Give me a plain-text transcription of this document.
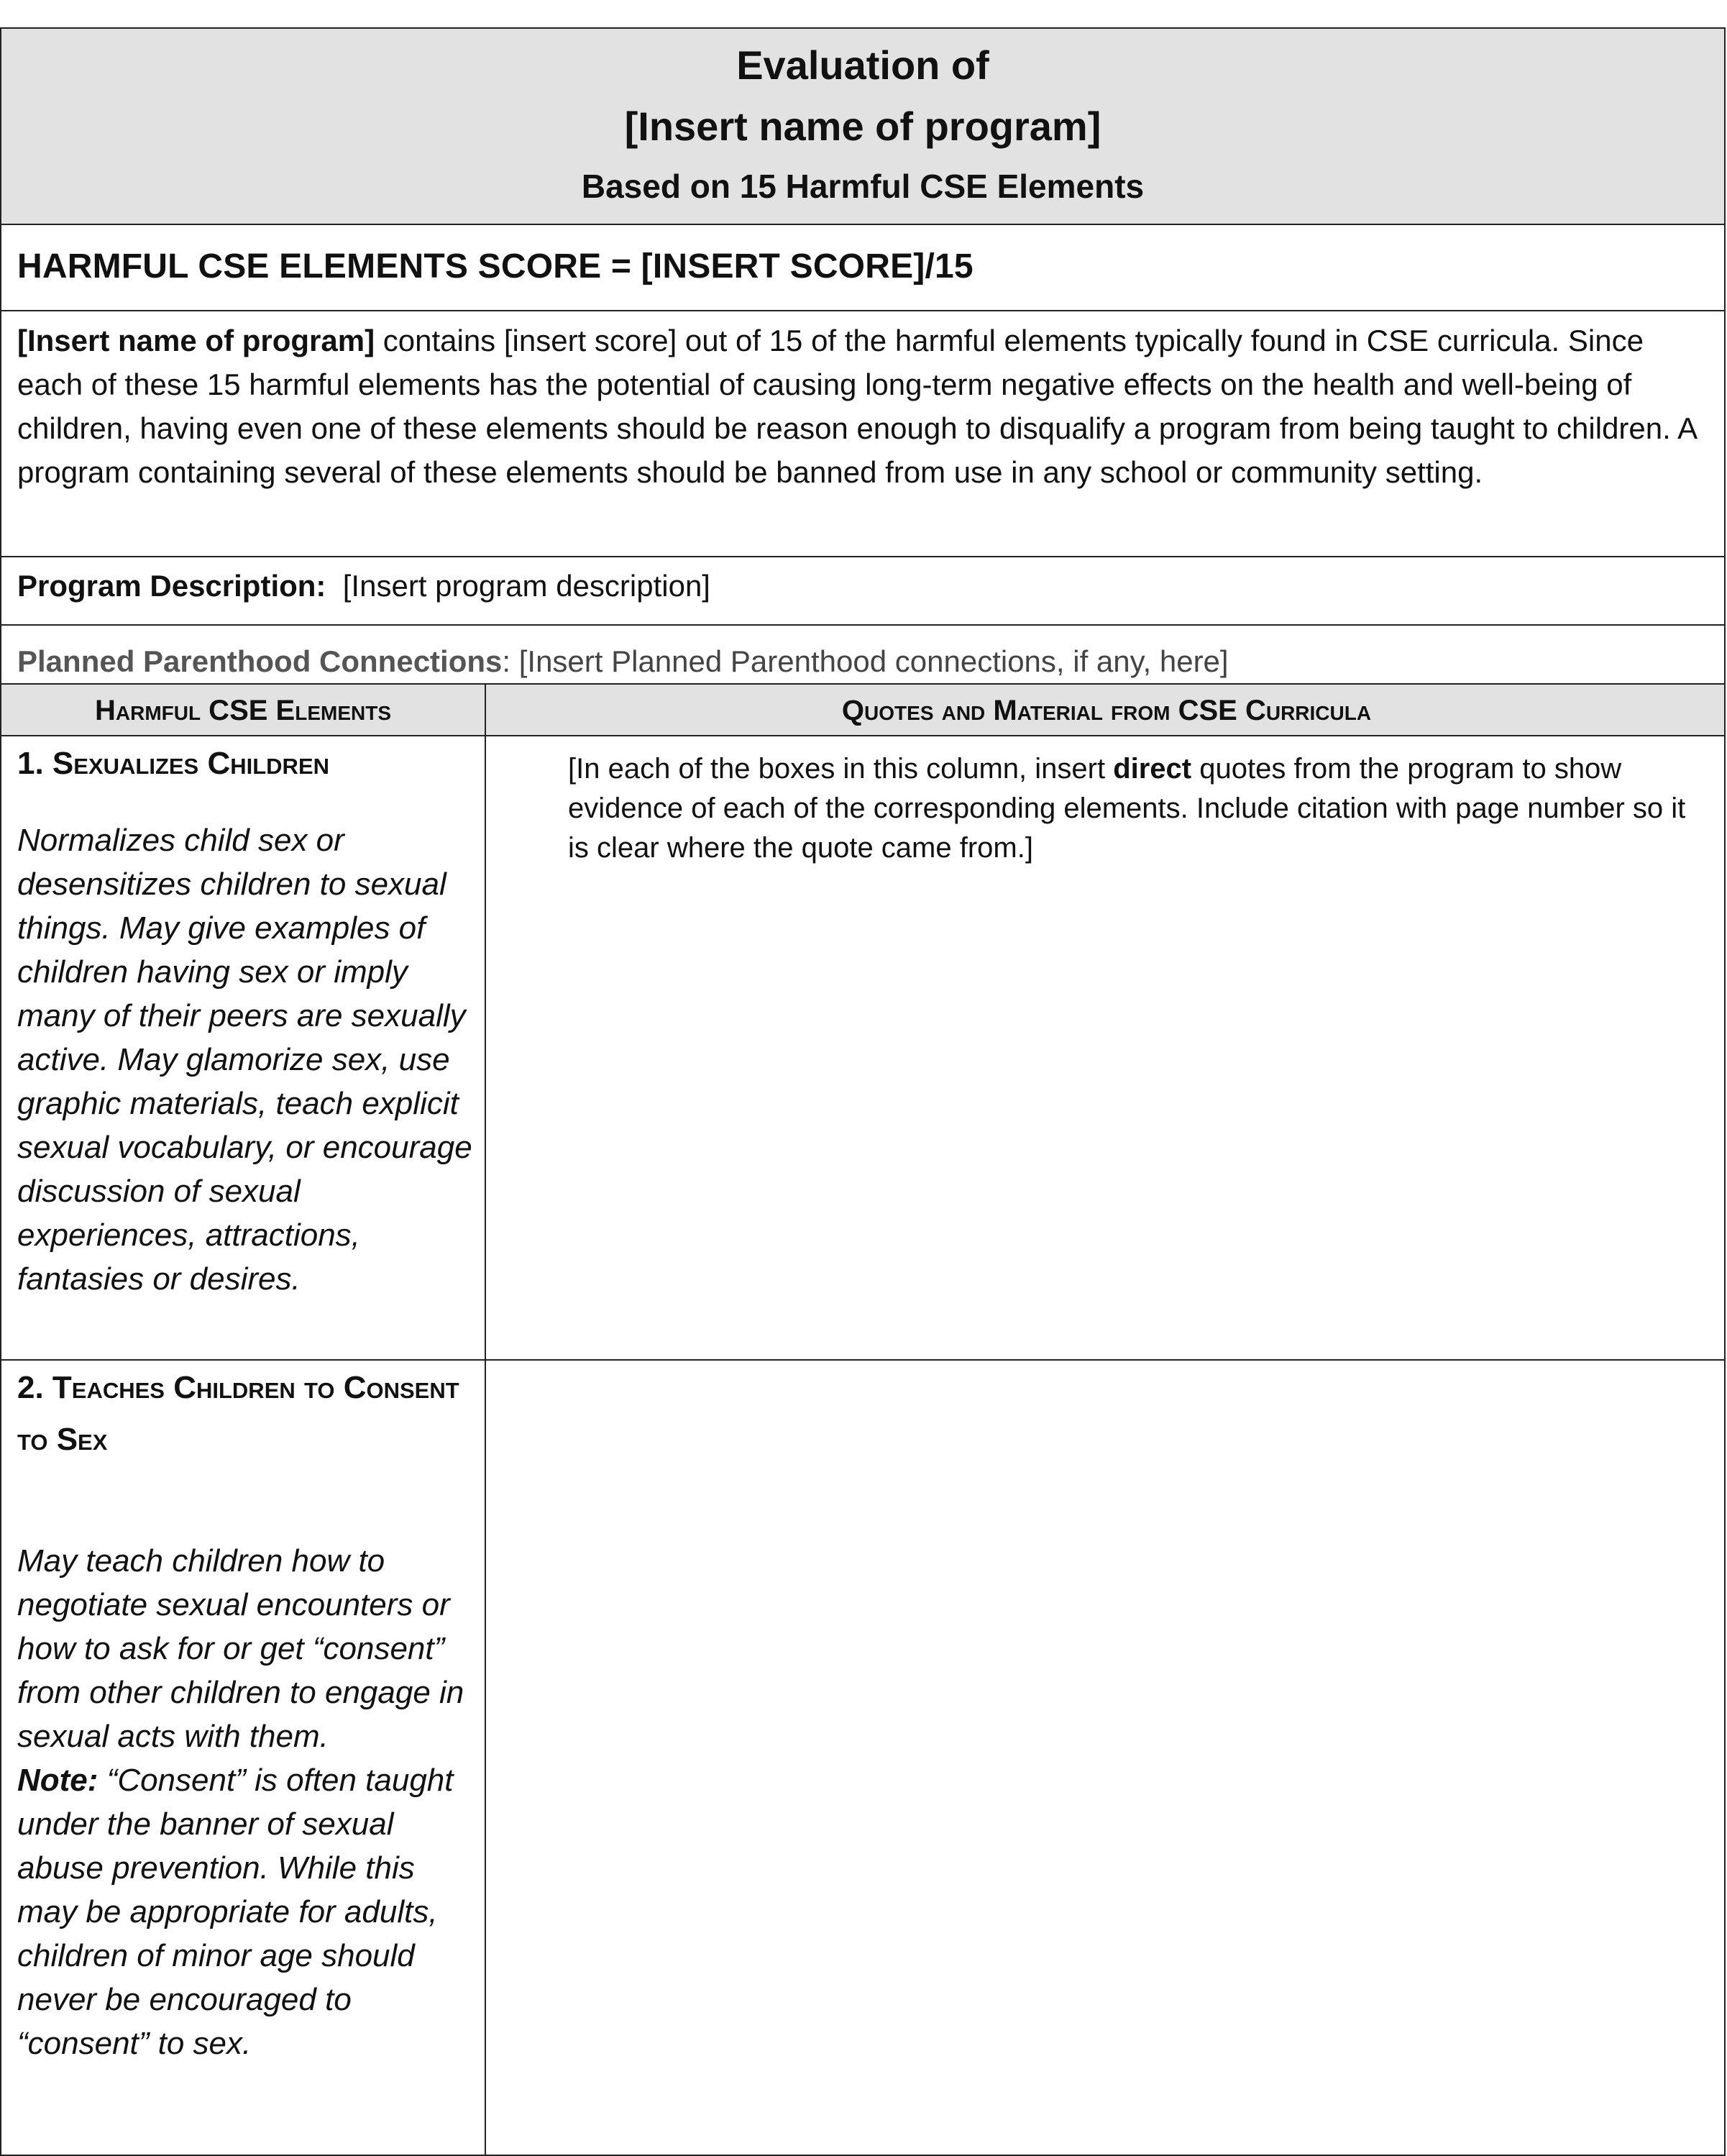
Evaluation of
[Insert name of program]
Based on 15 Harmful CSE Elements
HARMFUL CSE ELEMENTS SCORE = [INSERT SCORE]/15
[Insert name of program] contains [insert score] out of 15 of the harmful elements typically found in CSE curricula. Since each of these 15 harmful elements has the potential of causing long-term negative effects on the health and well-being of children, having even one of these elements should be reason enough to disqualify a program from being taught to children. A program containing several of these elements should be banned from use in any school or community setting.
Program Description:  [Insert program description]
Planned Parenthood Connections: [Insert Planned Parenthood connections, if any, here]
Harmful CSE Elements	Quotes and Material from CSE Curricula
1. Sexualizes Children
Normalizes child sex or desensitizes children to sexual things. May give examples of children having sex or imply many of their peers are sexually active. May glamorize sex, use graphic materials, teach explicit sexual vocabulary, or encourage discussion of sexual experiences, attractions, fantasies or desires.
[In each of the boxes in this column, insert direct quotes from the program to show evidence of each of the corresponding elements. Include citation with page number so it is clear where the quote came from.]
2. Teaches Children to Consent to Sex
May teach children how to negotiate sexual encounters or how to ask for or get “consent” from other children to engage in sexual acts with them.
Note: “Consent” is often taught under the banner of sexual abuse prevention. While this may be appropriate for adults, children of minor age should never be encouraged to “consent” to sex.
